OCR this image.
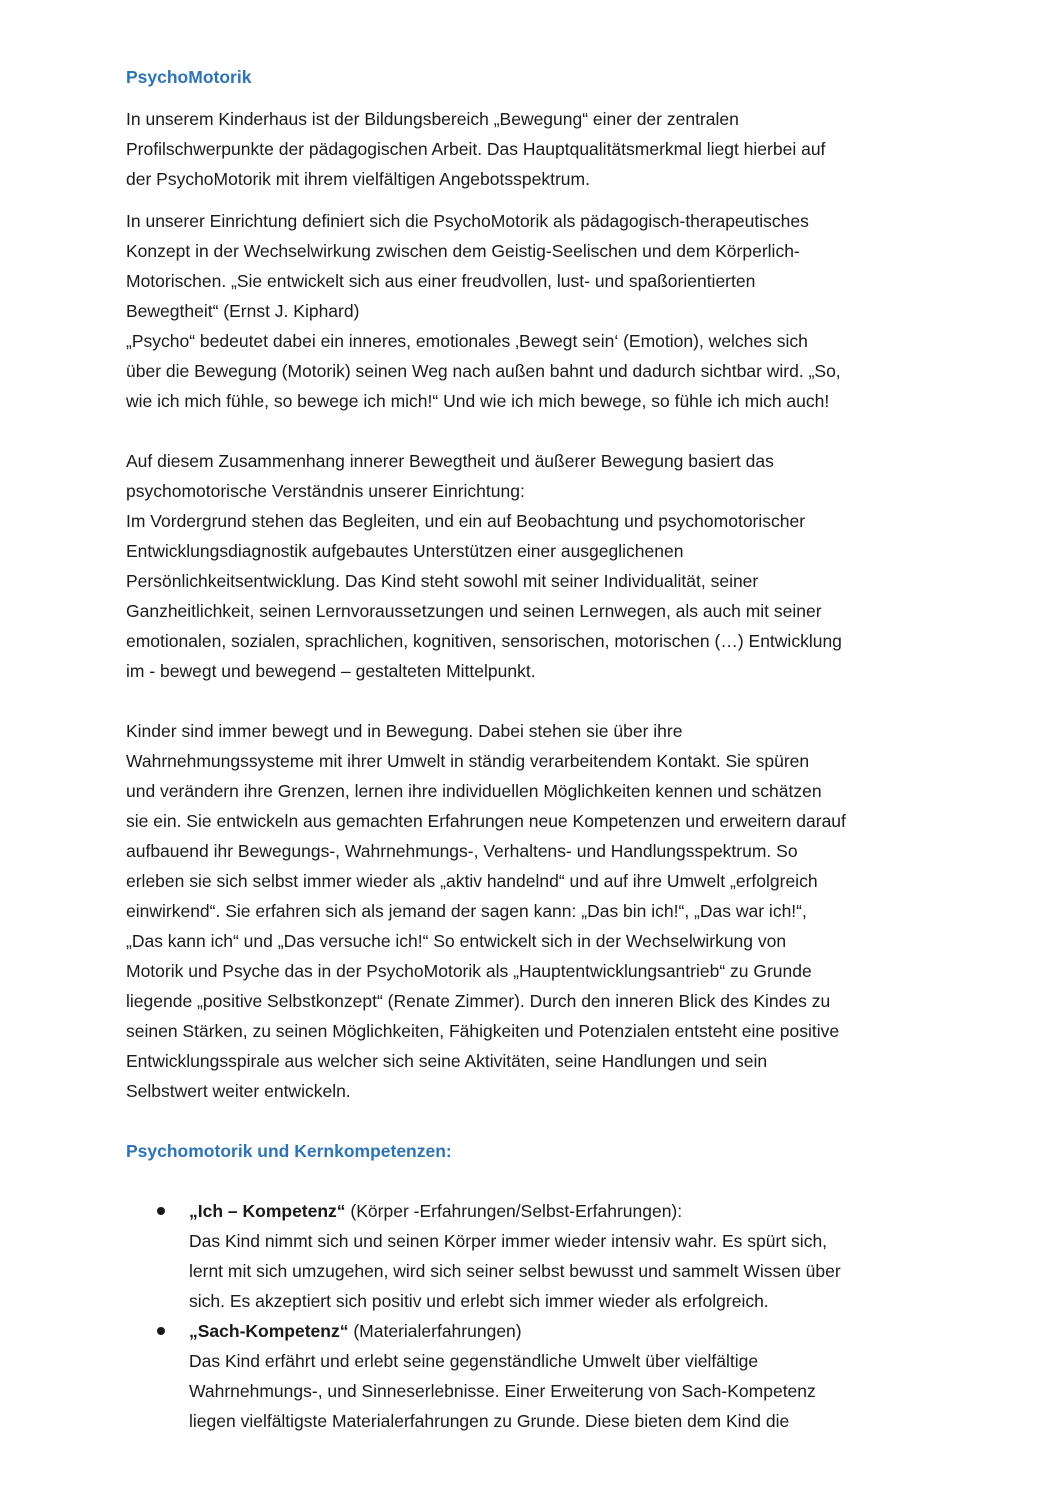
PsychoMotorik

In unserem Kinderhaus ist der Bildungsbereich „Bewegung“ einer der zentralen

Profilschwerpunkte der pädagogischen Arbeit. Das Hauptqualitätsmerkmal liegt hierbei auf

der PsychoMotorik mit ihrem vielfältigen Angebotsspektrum.

In unserer Einrichtung definiert sich die PsychoMotorik als pädagogisch-therapeutisches

Konzept in der Wechselwirkung zwischen dem Geistig-Seelischen und dem Körperlich-

Motorischen. „Sie entwickelt sich aus einer freudvollen, lust- und spaßorientierten

Bewegtheit“ (Ernst J. Kiphard)

„Psycho“ bedeutet dabei ein inneres, emotionales ‚Bewegt sein‘ (Emotion), welches sich

über die Bewegung (Motorik) seinen Weg nach außen bahnt und dadurch sichtbar wird. „So,

wie ich mich fühle, so bewege ich mich!“ Und wie ich mich bewege, so fühle ich mich auch!

Auf diesem Zusammenhang innerer Bewegtheit und äußerer Bewegung basiert das

psychomotorische Verständnis unserer Einrichtung:

Im Vordergrund stehen das Begleiten, und ein auf Beobachtung und psychomotorischer

Entwicklungsdiagnostik aufgebautes Unterstützen einer ausgeglichenen

Persönlichkeitsentwicklung. Das Kind steht sowohl mit seiner Individualität, seiner

Ganzheitlichkeit, seinen Lernvoraussetzungen und seinen Lernwegen, als auch mit seiner

emotionalen, sozialen, sprachlichen, kognitiven, sensorischen, motorischen (…) Entwicklung

im - bewegt und bewegend – gestalteten Mittelpunkt.

Kinder sind immer bewegt und in Bewegung. Dabei stehen sie über ihre

Wahrnehmungssysteme mit ihrer Umwelt in ständig verarbeitendem Kontakt. Sie spüren

und verändern ihre Grenzen, lernen ihre individuellen Möglichkeiten kennen und schätzen

sie ein. Sie entwickeln aus gemachten Erfahrungen neue Kompetenzen und erweitern darauf

aufbauend ihr Bewegungs-, Wahrnehmungs-, Verhaltens- und Handlungsspektrum. So

erleben sie sich selbst immer wieder als „aktiv handelnd“ und auf ihre Umwelt „erfolgreich

einwirkend“. Sie erfahren sich als jemand der sagen kann: „Das bin ich!“, „Das war ich!“,

„Das kann ich“ und „Das versuche ich!“ So entwickelt sich in der Wechselwirkung von

Motorik und Psyche das in der PsychoMotorik als „Hauptentwicklungsantrieb“ zu Grunde

liegende „positive Selbstkonzept“ (Renate Zimmer). Durch den inneren Blick des Kindes zu

seinen Stärken, zu seinen Möglichkeiten, Fähigkeiten und Potenzialen entsteht eine positive

Entwicklungsspirale aus welcher sich seine Aktivitäten, seine Handlungen und sein

Selbstwert weiter entwickeln.

Psychomotorik und Kernkompetenzen:

„Ich – Kompetenz“ (Körper -Erfahrungen/Selbst-Erfahrungen):

Das Kind nimmt sich und seinen Körper immer wieder intensiv wahr. Es spürt sich,

lernt mit sich umzugehen, wird sich seiner selbst bewusst und sammelt Wissen über

sich. Es akzeptiert sich positiv und erlebt sich immer wieder als erfolgreich.

„Sach-Kompetenz“ (Materialerfahrungen)

Das Kind erfährt und erlebt seine gegenständliche Umwelt über vielfältige

Wahrnehmungs-, und Sinneserlebnisse. Einer Erweiterung von Sach-Kompetenz

liegen vielfältigste Materialerfahrungen zu Grunde. Diese bieten dem Kind die
